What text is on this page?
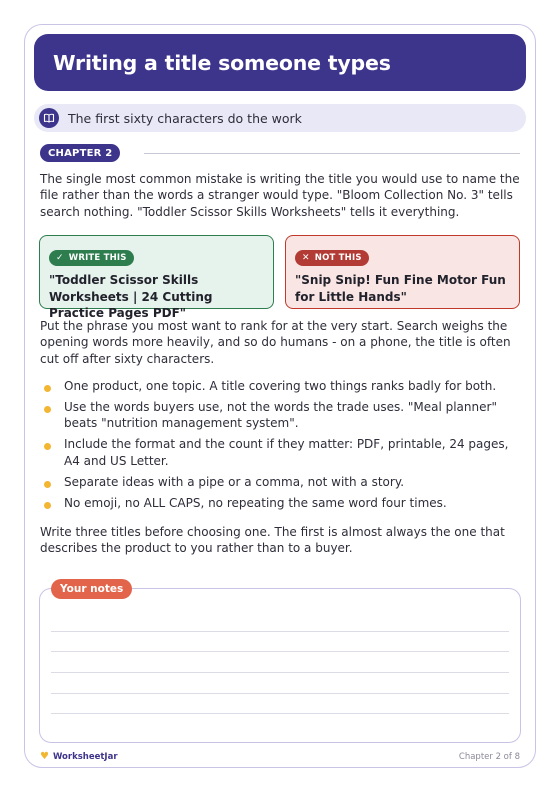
Writing a title someone types
The first sixty characters do the work
CHAPTER 2

The single most common mistake is writing the title you would use to name the file rather than the words a stranger would type. "Bloom Collection No. 3" tells search nothing. "Toddler Scissor Skills Worksheets" tells it everything.

✓ WRITE THIS

"Toddler Scissor Skills Worksheets | 24 Cutting Practice Pages PDF"

✕ NOT THIS

"Snip Snip! Fun Fine Motor Fun for Little Hands"

Put the phrase you most want to rank for at the very start. Search weighs the opening words more heavily, and so do humans - on a phone, the title is often cut off after sixty characters.

One product, one topic. A title covering two things ranks badly for both.
Use the words buyers use, not the words the trade uses. "Meal planner" beats "nutrition management system".
Include the format and the count if they matter: PDF, printable, 24 pages, A4 and US Letter.
Separate ideas with a pipe or a comma, not with a story.
No emoji, no ALL CAPS, no repeating the same word four times.

Write three titles before choosing one. The first is almost always the one that describes the product to you rather than to a buyer.

Your notes
♥ WorksheetJar	Chapter 2 of 8
